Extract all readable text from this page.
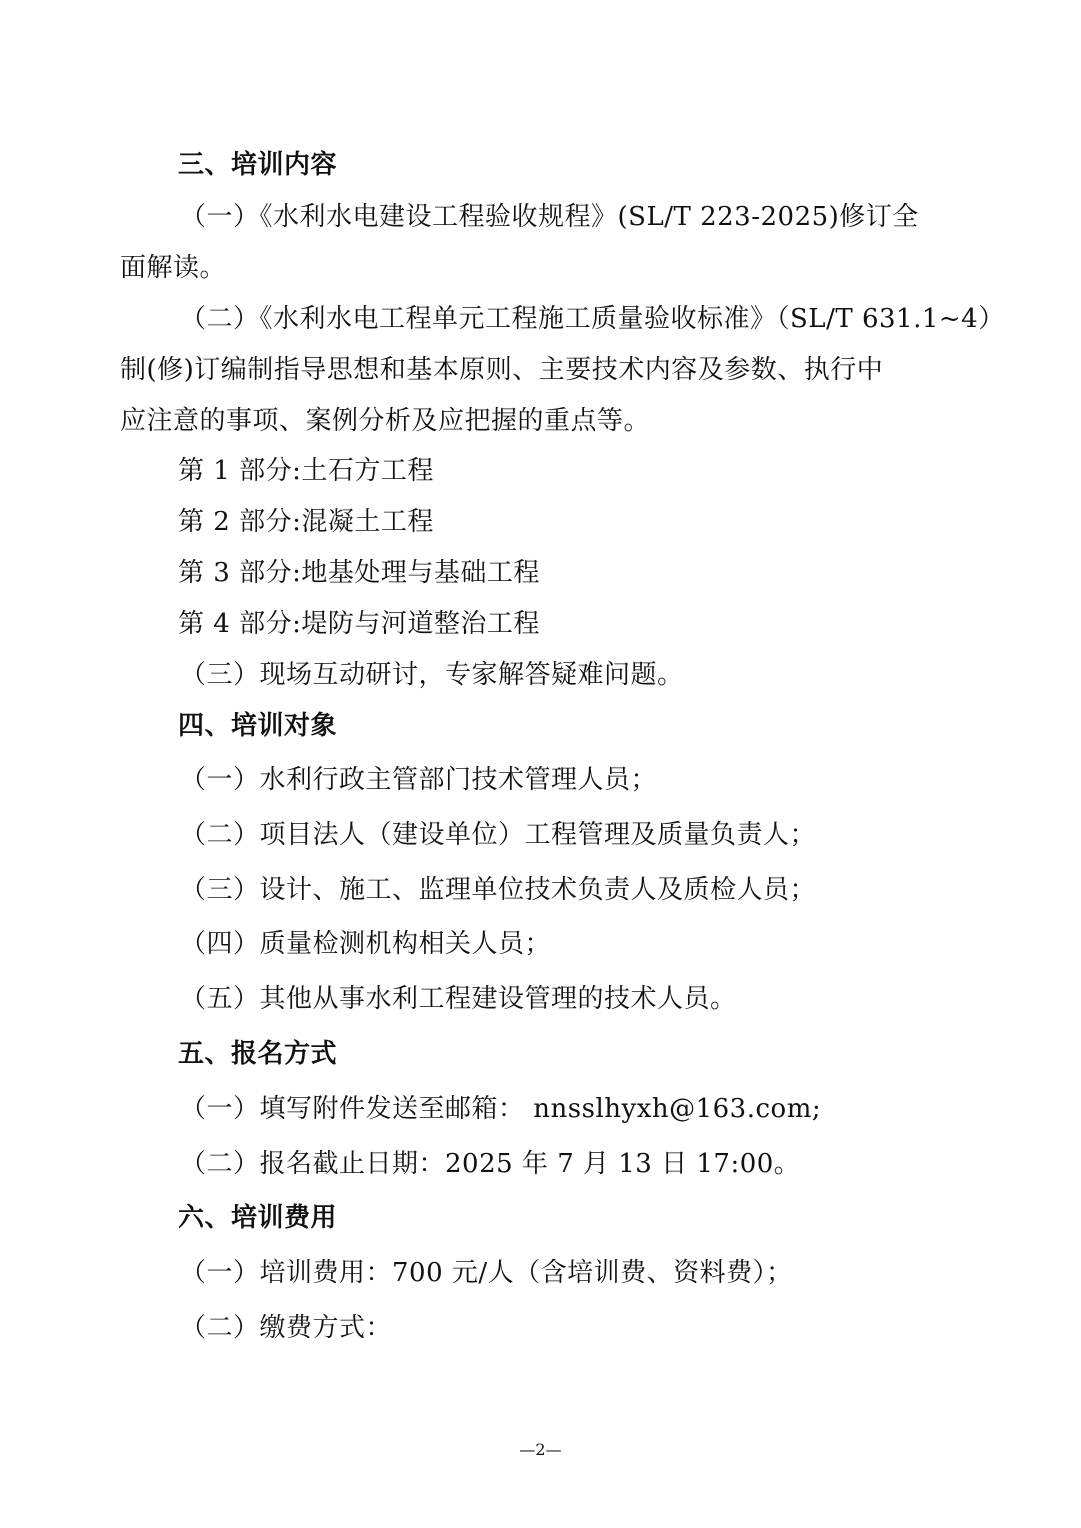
三、培训内容
（一）《水利水电建设工程验收规程》(SL/T 223-2025)修订全
面解读。
（二）《水利水电工程单元工程施工质量验收标准》（SL/T 631.1~4）
制(修)订编制指导思想和基本原则、主要技术内容及参数、执行中
应注意的事项、案例分析及应把握的重点等。
第 1 部分:土石方工程
第 2 部分:混凝土工程
第 3 部分:地基处理与基础工程
第 4 部分:堤防与河道整治工程
（三）现场互动研讨，专家解答疑难问题。
四、培训对象
（一）水利行政主管部门技术管理人员；
（二）项目法人（建设单位）工程管理及质量负责人；
（三）设计、施工、监理单位技术负责人及质检人员；
（四）质量检测机构相关人员；
（五）其他从事水利工程建设管理的技术人员。
五、报名方式
（一）填写附件发送至邮箱： nnsslhyxh@163.com;
（二）报名截止日期：2025 年 7 月 13 日 17:00。
六、培训费用
（一）培训费用：700 元/人（含培训费、资料费）；
（二）缴费方式：
—2—
